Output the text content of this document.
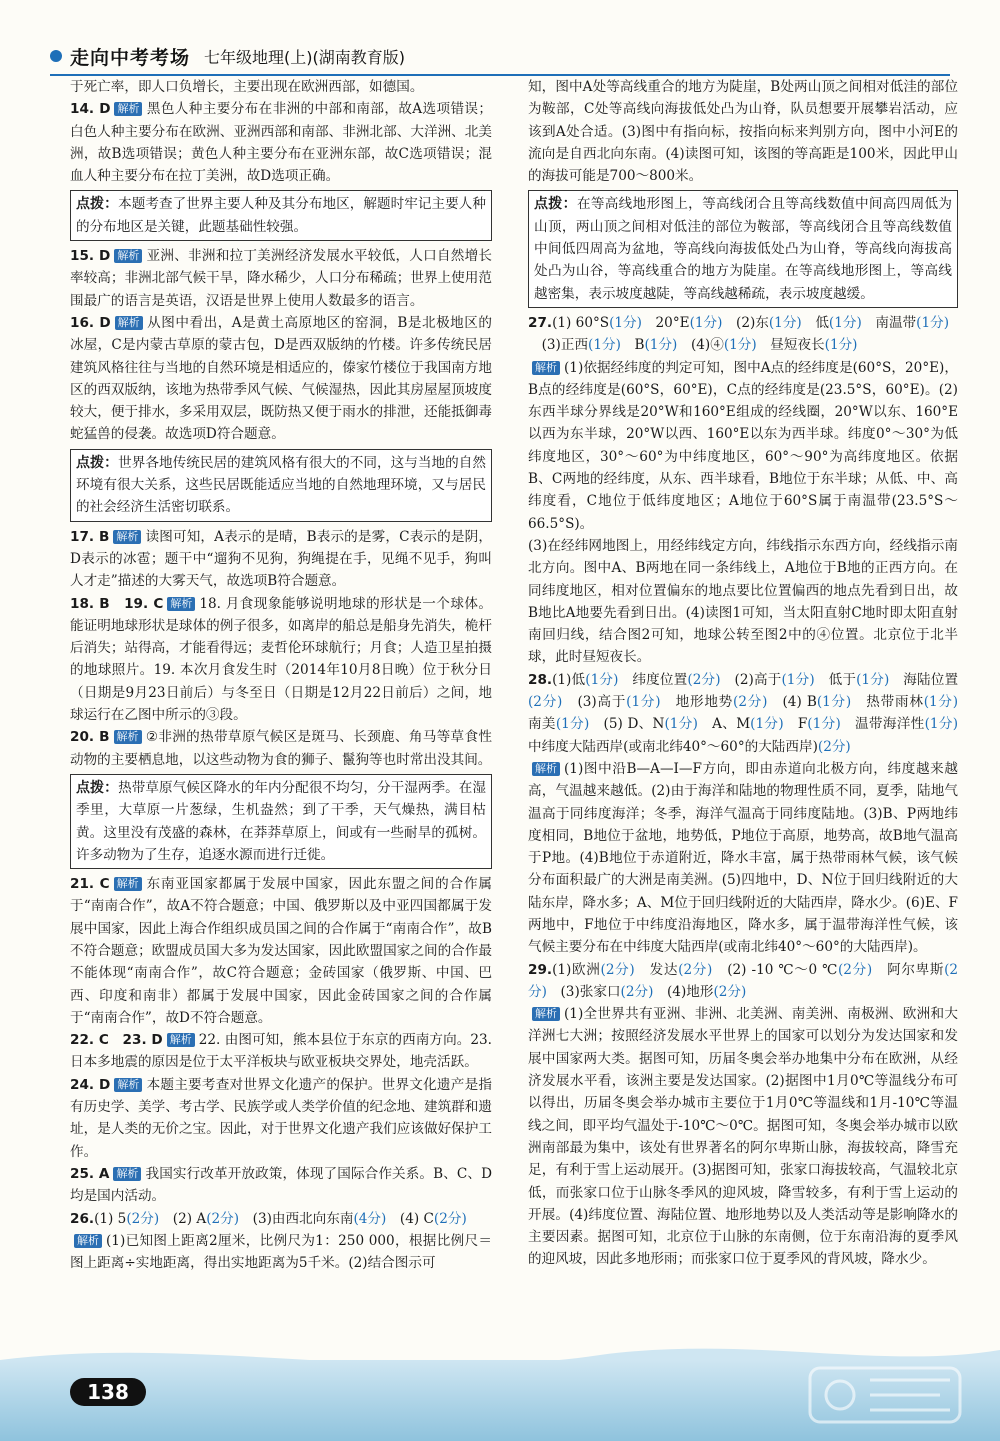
走向中考考场 七年级地理(上)(湖南教育版)

于死亡率，即人口负增长，主要出现在欧洲西部，如德国。

14. D 解析 黑色人种主要分布在非洲的中部和南部，故A选项错误；白色人种主要分布在欧洲、亚洲西部和南部、非洲北部、大洋洲、北美洲，故B选项错误；黄色人种主要分布在亚洲东部，故C选项错误；混血人种主要分布在拉丁美洲，故D选项正确。

点拨：本题考查了世界主要人种及其分布地区，解题时牢记主要人种的分布地区是关键，此题基础性较强。

15. D 解析 亚洲、非洲和拉丁美洲经济发展水平较低，人口自然增长率较高；非洲北部气候干旱，降水稀少，人口分布稀疏；世界上使用范围最广的语言是英语，汉语是世界上使用人数最多的语言。

16. D 解析 从图中看出，A是黄土高原地区的窑洞，B是北极地区的冰屋，C是内蒙古草原的蒙古包，D是西双版纳的竹楼。许多传统民居建筑风格往往与当地的自然环境是相适应的，傣家竹楼位于我国南方地区的西双版纳，该地为热带季风气候、气候湿热，因此其房屋屋顶坡度较大，便于排水，多采用双层，既防热又便于雨水的排泄，还能抵御毒蛇猛兽的侵袭。故选项D符合题意。

点拨：世界各地传统民居的建筑风格有很大的不同，这与当地的自然环境有很大关系，这些民居既能适应当地的自然地理环境，又与居民的社会经济生活密切联系。

17. B 解析 读图可知，A表示的是晴，B表示的是雾，C表示的是阴，D表示的冰雹；题干中“遛狗不见狗，狗绳提在手，见绳不见手，狗叫人才走”描述的大雾天气，故选项B符合题意。

18. B　19. C 解析 18. 月食现象能够说明地球的形状是一个球体。能证明地球形状是球体的例子很多，如离岸的船总是船身先消失，桅杆后消失；站得高，才能看得远；麦哲伦环球航行；月食；人造卫星拍摄的地球照片。19. 本次月食发生时（2014年10月8日晚）位于秋分日（日期是9月23日前后）与冬至日（日期是12月22日前后）之间，地球运行在乙图中所示的③段。

20. B 解析 ②非洲的热带草原气候区是斑马、长颈鹿、角马等草食性动物的主要栖息地，以这些动物为食的狮子、鬣狗等也时常出没其间。

点拨：热带草原气候区降水的年内分配很不均匀，分干湿两季。在湿季里，大草原一片葱绿，生机盎然；到了干季，天气燥热，满目枯黄。这里没有茂盛的森林，在莽莽草原上，间或有一些耐旱的孤树。许多动物为了生存，追逐水源而进行迁徙。

21. C 解析 东南亚国家都属于发展中国家，因此东盟之间的合作属于“南南合作”，故A不符合题意；中国、俄罗斯以及中亚四国都属于发展中国家，因此上海合作组织成员国之间的合作属于“南南合作”，故B不符合题意；欧盟成员国大多为发达国家，因此欧盟国家之间的合作最不能体现“南南合作”，故C符合题意；金砖国家（俄罗斯、中国、巴西、印度和南非）都属于发展中国家，因此金砖国家之间的合作属于“南南合作”，故D不符合题意。

22. C　23. D 解析 22. 由图可知，熊本县位于东京的西南方向。23. 日本多地震的原因是位于太平洋板块与欧亚板块交界处，地壳活跃。

24. D 解析 本题主要考查对世界文化遗产的保护。世界文化遗产是指有历史学、美学、考古学、民族学或人类学价值的纪念地、建筑群和遗址，是人类的无价之宝。因此，对于世界文化遗产我们应该做好保护工作。

25. A 解析 我国实行改革开放政策，体现了国际合作关系。B、C、D均是国内活动。

26.(1) 5(2分)　 (2) A(2分)　 (3)由西北向东南(4分)　 (4) C(2分)
解析 (1)已知图上距离2厘米，比例尺为1：250 000，根据比例尺＝图上距离÷实地距离，得出实地距离为5千米。(2)结合图示可

知，图中A处等高线重合的地方为陡崖，B处两山顶之间相对低洼的部位为鞍部，C处等高线向海拔低处凸为山脊，队员想要开展攀岩活动，应该到A处合适。(3)图中有指向标，按指向标来判别方向，图中小河E的流向是自西北向东南。(4)读图可知，该图的等高距是100米，因此甲山的海拔可能是700～800米。

点拨：在等高线地形图上，等高线闭合且等高线数值中间高四周低为山顶，两山顶之间相对低洼的部位为鞍部，等高线闭合且等高线数值中间低四周高为盆地，等高线向海拔低处凸为山脊，等高线向海拔高处凸为山谷，等高线重合的地方为陡崖。在等高线地形图上，等高线越密集，表示坡度越陡，等高线越稀疏，表示坡度越缓。

27.(1) 60°S(1分)　 20°E(1分)　 (2)东(1分)　 低(1分)　 南温带(1分)
　(3)正西(1分)　 B(1分)　 (4)④(1分)　 昼短夜长(1分)
解析 (1)依据经纬度的判定可知，图中A点的经纬度是(60°S，20°E)，B点的经纬度是(60°S，60°E)，C点的经纬度是(23.5°S，60°E)。(2)东西半球分界线是20°W和160°E组成的经线圈，20°W以东、160°E以西为东半球，20°W以西、160°E以东为西半球。纬度0°～30°为低纬度地区，30°～60°为中纬度地区，60°～90°为高纬度地区。依据B、C两地的经纬度，从东、西半球看，B地位于东半球；从低、中、高纬度看，C地位于低纬度地区；A地位于60°S属于南温带(23.5°S～66.5°S)。

(3)在经纬网地图上，用经纬线定方向，纬线指示东西方向，经线指示南北方向。图中A、B两地在同一条纬线上，A地位于B地的正西方向。在同纬度地区，相对位置偏东的地点要比位置偏西的地点先看到日出，故B地比A地要先看到日出。(4)读图1可知，当太阳直射C地时即太阳直射南回归线，结合图2可知，地球公转至图2中的④位置。北京位于北半球，此时昼短夜长。

28.(1)低(1分)　 纬度位置(2分)　 (2)高于(1分)　 低于(1分)　 海陆位置(2分)　 (3)高于(1分)　 地形地势(2分)　 (4) B(1分)　 热带雨林(1分)　南美(1分)　 (5) D、N(1分)　 A、M(1分)　 F(1分)　 温带海洋性(1分)　中纬度大陆西岸(或南北纬40°～60°的大陆西岸)(2分)
解析 (1)图中沿B—A—I—F方向，即由赤道向北极方向，纬度越来越高，气温越来越低。(2)由于海洋和陆地的物理性质不同，夏季，陆地气温高于同纬度海洋；冬季，海洋气温高于同纬度陆地。(3)B、P两地纬度相同，B地位于盆地，地势低，P地位于高原，地势高，故B地气温高于P地。(4)B地位于赤道附近，降水丰富，属于热带雨林气候，该气候分布面积最广的大洲是南美洲。(5)四地中，D、N位于回归线附近的大陆东岸，降水多；A、M位于回归线附近的大陆西岸，降水少。(6)E、F两地中，F地位于中纬度沿海地区，降水多，属于温带海洋性气候，该气候主要分布在中纬度大陆西岸(或南北纬40°～60°的大陆西岸)。

29.(1)欧洲(2分)　 发达(2分)　 (2) -10 ℃～0 ℃(2分)　 阿尔卑斯(2分)　 (3)张家口(2分)　 (4)地形(2分)
解析 (1)全世界共有亚洲、非洲、北美洲、南美洲、南极洲、欧洲和大洋洲七大洲；按照经济发展水平世界上的国家可以划分为发达国家和发展中国家两大类。据图可知，历届冬奥会举办地集中分布在欧洲，从经济发展水平看，该洲主要是发达国家。(2)据图中1月0℃等温线分布可以得出，历届冬奥会举办城市主要位于1月0℃等温线和1月-10℃等温线之间，即平均气温处于-10℃～0℃。据图可知，冬奥会举办城市以欧洲南部最为集中，该处有世界著名的阿尔卑斯山脉，海拔较高，降雪充足，有利于雪上运动展开。(3)据图可知，张家口海拔较高，气温较北京低，而张家口位于山脉冬季风的迎风坡，降雪较多，有利于雪上运动的开展。(4)纬度位置、海陆位置、地形地势以及人类活动等是影响降水的主要因素。据图可知，北京位于山脉的东南侧，位于东南沿海的夏季风的迎风坡，因此多地形雨；而张家口位于夏季风的背风坡，降水少。

138
